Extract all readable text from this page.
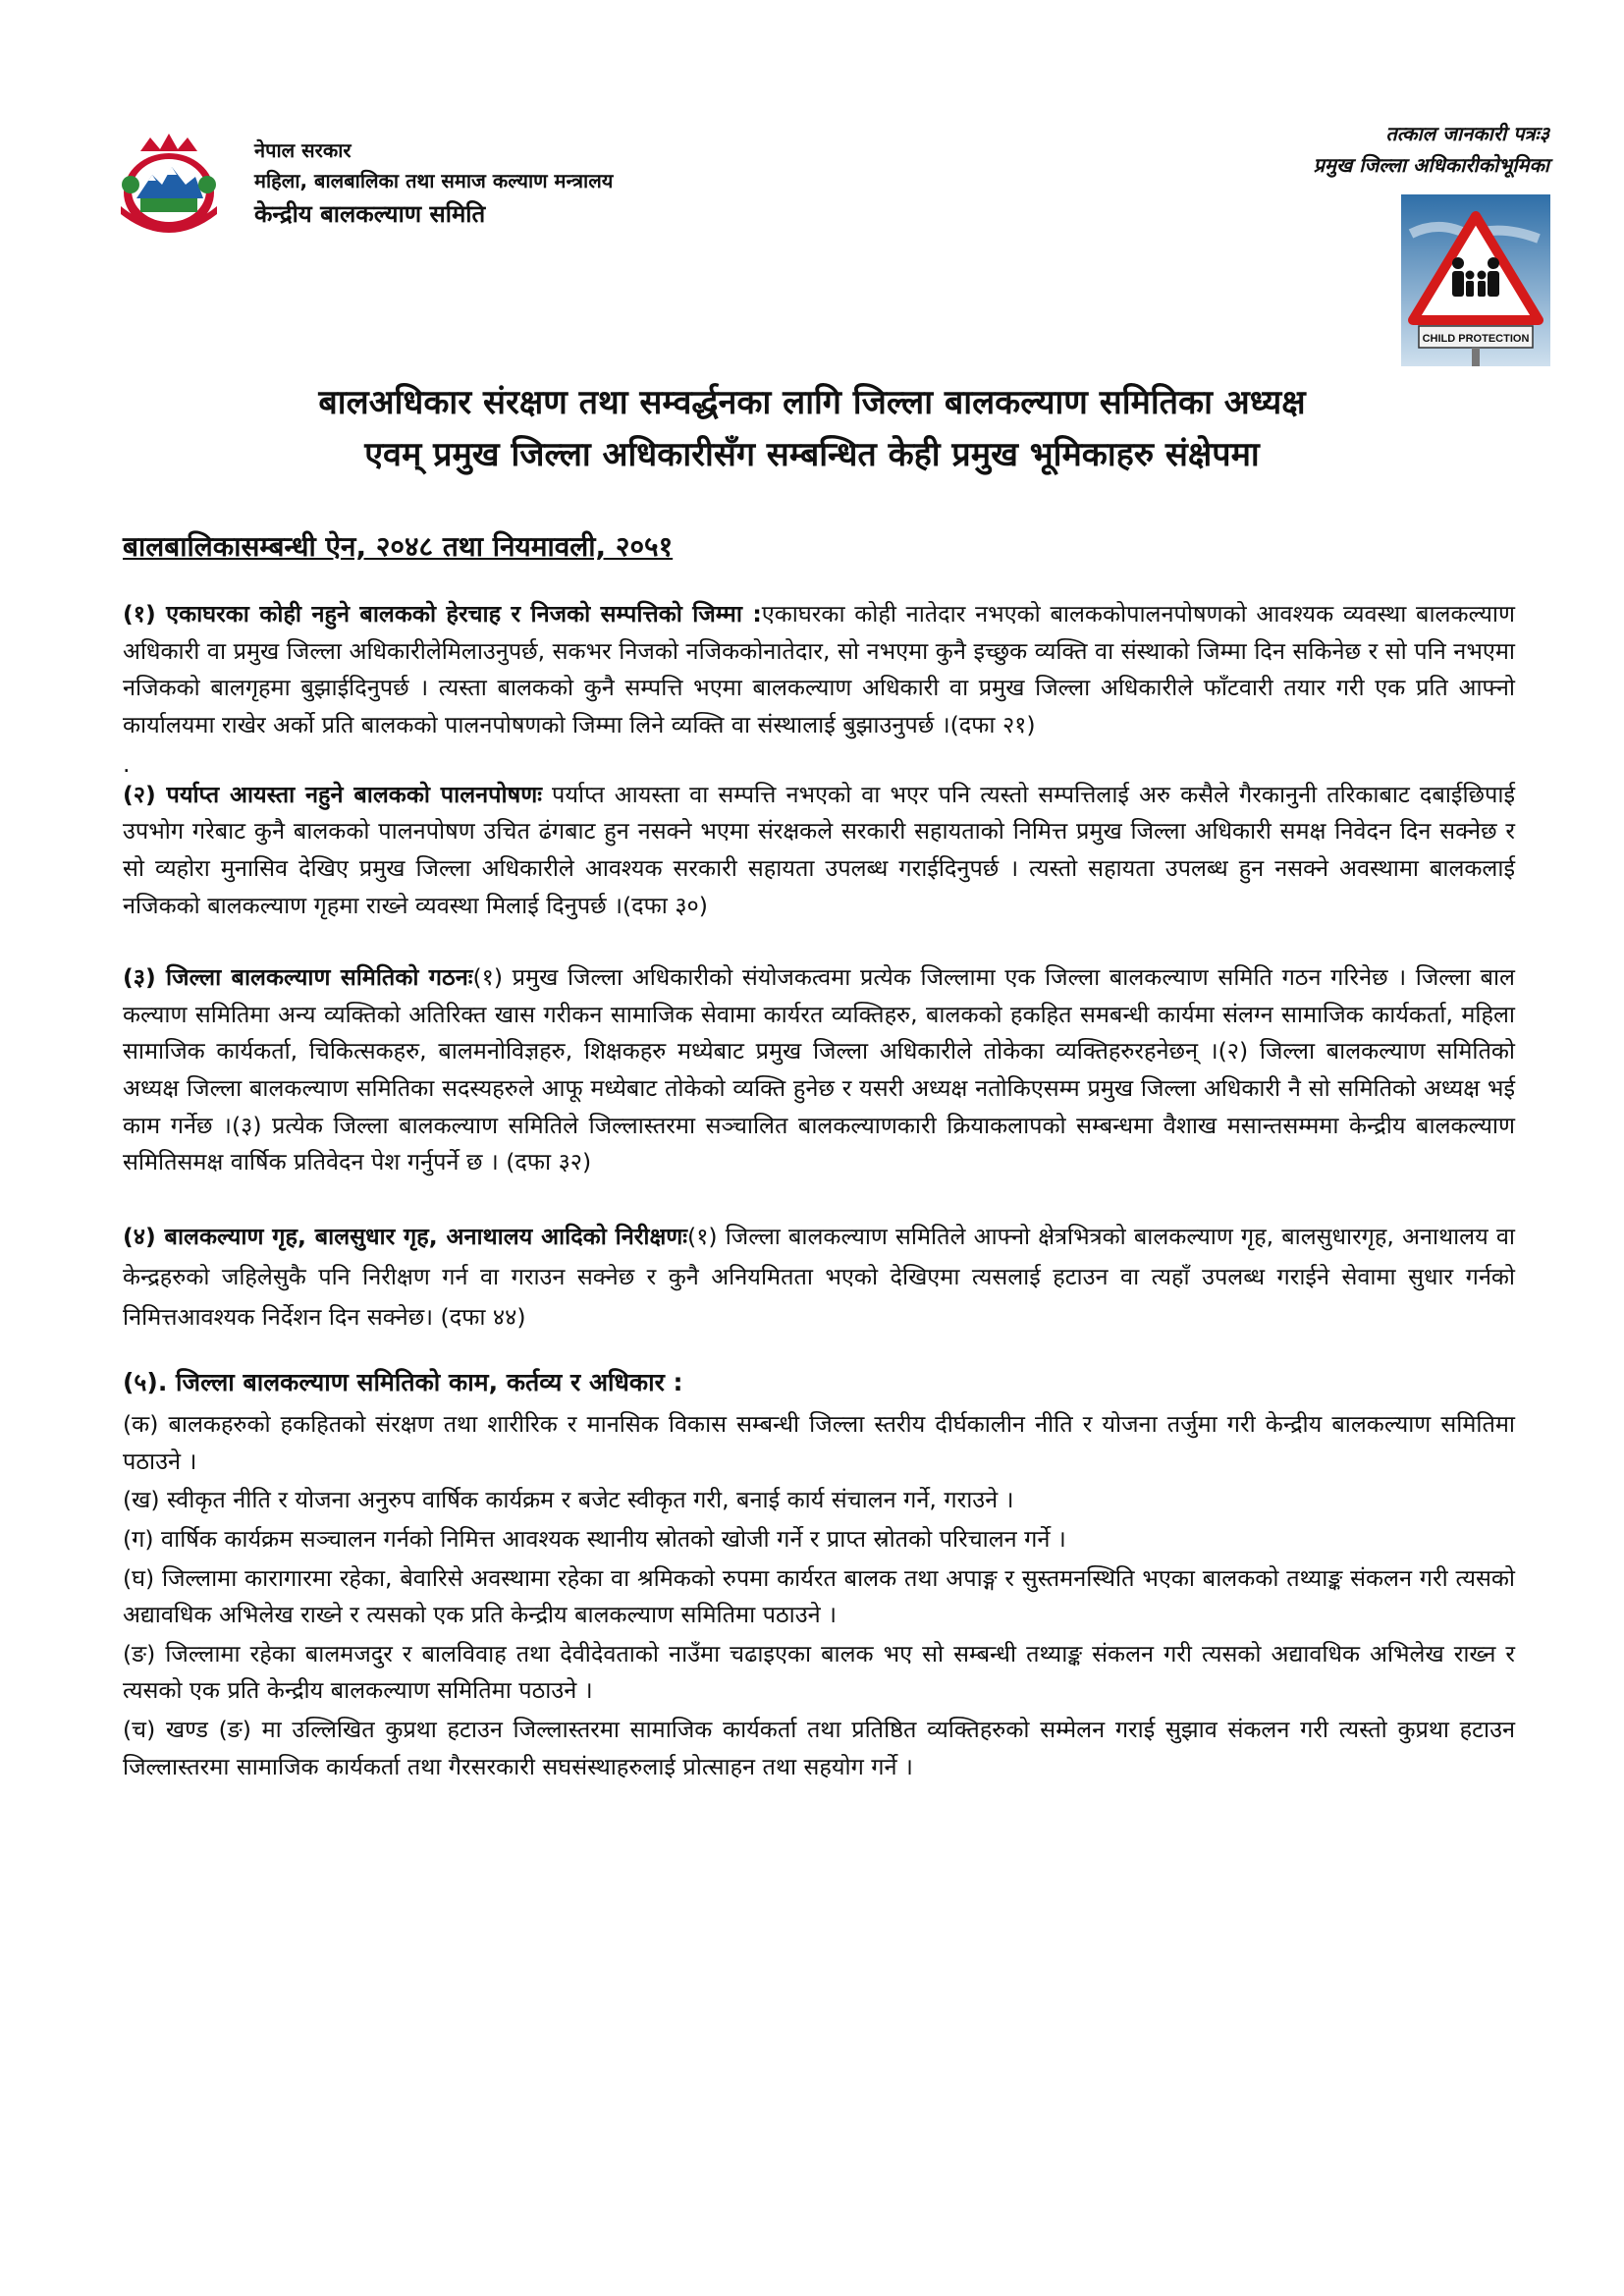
नेपाल सरकार
महिला, बालबालिका तथा समाज कल्याण मन्त्रालय
केन्द्रीय बालकल्याण समिति
तत्काल जानकारी पत्रः३
प्रमुख जिल्ला अधिकारीकोभूमिका
CHILD PROTECTION
बालअधिकार संरक्षण तथा सम्वर्द्धनका लागि जिल्ला बालकल्याण समितिका अध्यक्ष
एवम् प्रमुख जिल्ला अधिकारीसँग सम्बन्धित केही प्रमुख भूमिकाहरु संक्षेपमा
बालबालिकासम्बन्धी ऐन, २०४८ तथा नियमावली, २०५१

(१) एकाघरका कोही नहुने बालकको हेरचाह र निजको सम्पत्तिको जिम्मा :एकाघरका कोही नातेदार नभएको बालककोपालनपोषणको आवश्यक व्यवस्था बालकल्याण अधिकारी वा प्रमुख जिल्ला अधिकारीलेमिलाउनुपर्छ, सकभर निजको नजिककोनातेदार, सो नभएमा कुनै इच्छुक व्यक्ति वा संस्थाको जिम्मा दिन सकिनेछ र सो पनि नभएमा नजिकको बालगृहमा बुझाईदिनुपर्छ । त्यस्ता बालकको कुनै सम्पत्ति भएमा बालकल्याण अधिकारी वा प्रमुख जिल्ला अधिकारीले फाँटवारी तयार गरी एक प्रति आफ्नो कार्यालयमा राखेर अर्को प्रति बालकको पालनपोषणको जिम्मा लिने व्यक्ति वा संस्थालाई बुझाउनुपर्छ ।(दफा २१)

.

(२) पर्याप्त आयस्ता नहुने बालकको पालनपोषणः पर्याप्त आयस्ता वा सम्पत्ति नभएको वा भएर पनि त्यस्तो सम्पत्तिलाई अरु कसैले गैरकानुनी तरिकाबाट दबाईछिपाई उपभोग गरेबाट कुनै बालकको पालनपोषण उचित ढंगबाट हुन नसक्ने भएमा संरक्षकले सरकारी सहायताको निमित्त प्रमुख जिल्ला अधिकारी समक्ष निवेदन दिन सक्नेछ र सो व्यहोरा मुनासिव देखिए प्रमुख जिल्ला अधिकारीले आवश्यक सरकारी सहायता उपलब्ध गराईदिनुपर्छ । त्यस्तो सहायता उपलब्ध हुन नसक्ने अवस्थामा बालकलाई नजिकको बालकल्याण गृहमा राख्ने व्यवस्था मिलाई दिनुपर्छ ।(दफा ३०)

(३) जिल्ला बालकल्याण समितिको गठनः(१) प्रमुख जिल्ला अधिकारीको संयोजकत्वमा प्रत्येक जिल्लामा एक जिल्ला बालकल्याण समिति गठन गरिनेछ । जिल्ला बाल कल्याण समितिमा अन्य व्यक्तिको अतिरिक्त खास गरीकन सामाजिक सेवामा कार्यरत व्यक्तिहरु, बालकको हकहित समबन्धी कार्यमा संलग्न सामाजिक कार्यकर्ता, महिला सामाजिक कार्यकर्ता, चिकित्सकहरु, बालमनोविज्ञहरु, शिक्षकहरु मध्येबाट प्रमुख जिल्ला अधिकारीले तोकेका व्यक्तिहरुरहनेछन् ।(२) जिल्ला बालकल्याण समितिको अध्यक्ष जिल्ला बालकल्याण समितिका सदस्यहरुले आफू मध्येबाट तोकेको व्यक्ति हुनेछ र यसरी अध्यक्ष नतोकिएसम्म प्रमुख जिल्ला अधिकारी नै सो समितिको अध्यक्ष भई काम गर्नेछ ।(३) प्रत्येक जिल्ला बालकल्याण समितिले जिल्लास्तरमा सञ्चालित बालकल्याणकारी क्रियाकलापको सम्बन्धमा वैशाख मसान्तसम्ममा केन्द्रीय बालकल्याण समितिसमक्ष वार्षिक प्रतिवेदन पेश गर्नुपर्ने छ । (दफा ३२)

(४) बालकल्याण गृह, बालसुधार गृह, अनाथालय आदिको निरीक्षणः(१) जिल्ला बालकल्याण समितिले आफ्नो क्षेत्रभित्रको बालकल्याण गृह, बालसुधारगृह, अनाथालय वा केन्द्रहरुको जहिलेसुकै पनि निरीक्षण गर्न वा गराउन सक्नेछ र कुनै अनियमितता भएको देखिएमा त्यसलाई हटाउन वा त्यहाँ उपलब्ध गराईने सेवामा सुधार गर्नको निमित्तआवश्यक निर्देशन दिन सक्नेछ। (दफा ४४)

(५). जिल्ला बालकल्याण समितिको काम, कर्तव्य र अधिकार :

(क) बालकहरुको हकहितको संरक्षण तथा शारीरिक र मानसिक विकास सम्बन्धी जिल्ला स्तरीय दीर्घकालीन नीति र योजना तर्जुमा गरी केन्द्रीय बालकल्याण समितिमा पठाउने ।

(ख) स्वीकृत नीति र योजना अनुरुप वार्षिक कार्यक्रम र बजेट स्वीकृत गरी, बनाई कार्य संचालन गर्ने, गराउने ।

(ग) वार्षिक कार्यक्रम सञ्चालन गर्नको निमित्त आवश्यक स्थानीय स्रोतको खोजी गर्ने र प्राप्त स्रोतको परिचालन गर्ने ।

(घ) जिल्लामा कारागारमा रहेका, बेवारिसे अवस्थामा रहेका वा श्रमिकको रुपमा कार्यरत बालक तथा अपाङ्ग र सुस्तमनस्थिति भएका बालकको तथ्याङ्क संकलन गरी त्यसको अद्यावधिक अभिलेख राख्ने र त्यसको एक प्रति केन्द्रीय बालकल्याण समितिमा पठाउने ।

(ङ) जिल्लामा रहेका बालमजदुर र बालविवाह तथा देवीदेवताको नाउँमा चढाइएका बालक भए सो सम्बन्धी तथ्याङ्क संकलन गरी त्यसको अद्यावधिक अभिलेख राख्न र त्यसको एक प्रति केन्द्रीय बालकल्याण समितिमा पठाउने ।

(च) खण्ड (ङ) मा उल्लिखित कुप्रथा हटाउन जिल्लास्तरमा सामाजिक कार्यकर्ता तथा प्रतिष्ठित व्यक्तिहरुको सम्मेलन गराई सुझाव संकलन गरी त्यस्तो कुप्रथा हटाउन जिल्लास्तरमा सामाजिक कार्यकर्ता तथा गैरसरकारी सघसंस्थाहरुलाई प्रोत्साहन तथा सहयोग गर्ने ।
